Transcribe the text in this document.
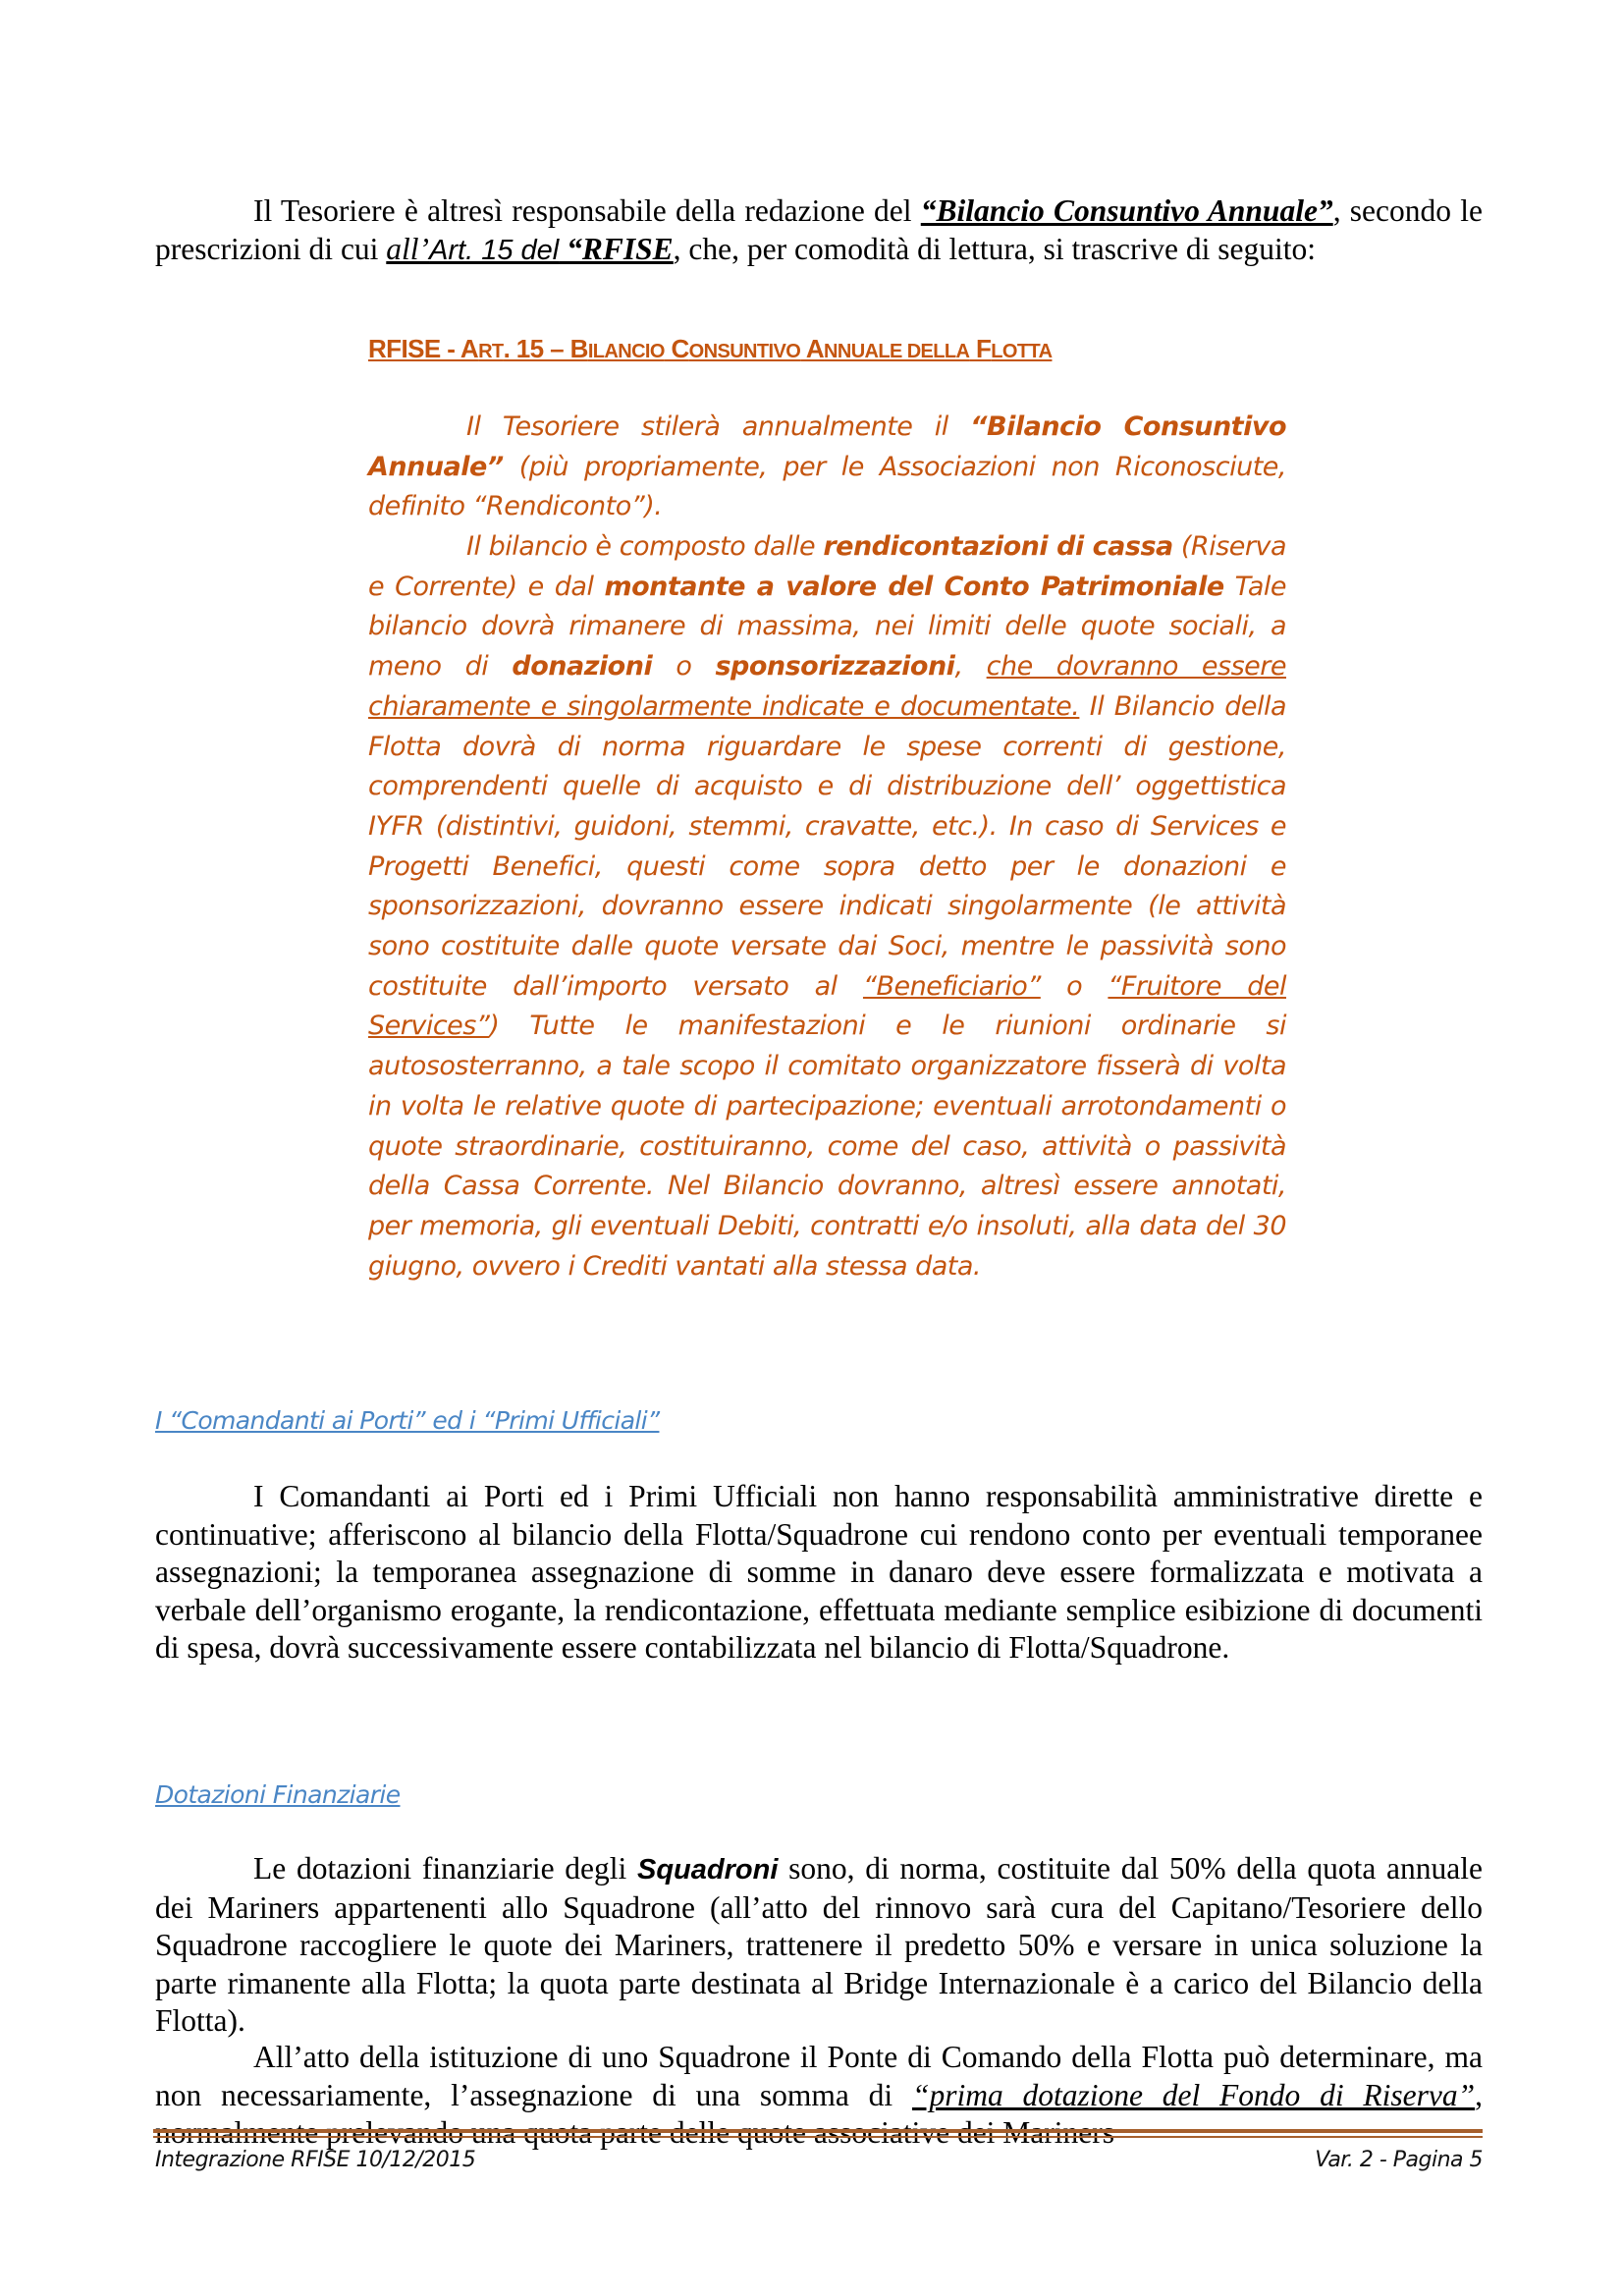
Il Tesoriere è altresì responsabile della redazione del “Bilancio Consuntivo Annuale”, secondo le prescrizioni di cui all’Art. 15 del “RFISE, che, per comodità di lettura, si trascrive di seguito:

RFISE - ART. 15 – BILANCIO CONSUNTIVO ANNUALE DELLA FLOTTA

Il Tesoriere stilerà annualmente il “Bilancio Consuntivo Annuale” (più propriamente, per le Associazioni non Riconosciute, definito “Rendiconto”).

Il bilancio è composto dalle rendicontazioni di cassa (Riserva e Corrente) e dal montante a valore del Conto Patrimoniale Tale bilancio dovrà rimanere di massima, nei limiti delle quote sociali, a meno di donazioni o sponsorizzazioni, che dovranno essere chiaramente e singolarmente indicate e documentate. Il Bilancio della Flotta dovrà di norma riguardare le spese correnti di gestione, comprendenti quelle di acquisto e di distribuzione dell’ oggettistica IYFR (distintivi, guidoni, stemmi, cravatte, etc.). In caso di Services e Progetti Benefici, questi come sopra detto per le donazioni e sponsorizzazioni, dovranno essere indicati singolarmente (le attività sono costituite dalle quote versate dai Soci, mentre le passività sono costituite dall’importo versato al “Beneficiario” o “Fruitore del Services”) Tutte le manifestazioni e le riunioni ordinarie si autososterranno, a tale scopo il comitato organizzatore fisserà di volta in volta le relative quote di partecipazione; eventuali arrotondamenti o quote straordinarie, costituiranno, come del caso, attività o passività della Cassa Corrente. Nel Bilancio dovranno, altresì essere annotati, per memoria, gli eventuali Debiti, contratti e/o insoluti, alla data del 30 giugno, ovvero i Crediti vantati alla stessa data.

I “Comandanti ai Porti” ed i “Primi Ufficiali”

I Comandanti ai Porti ed i Primi Ufficiali non hanno responsabilità amministrative dirette e continuative; afferiscono al bilancio della Flotta/Squadrone cui rendono conto per eventuali temporanee assegnazioni; la temporanea assegnazione di somme in danaro deve essere formalizzata e motivata a verbale dell’organismo erogante, la rendicontazione, effettuata mediante semplice esibizione di documenti di spesa, dovrà successivamente essere contabilizzata nel bilancio di Flotta/Squadrone.

Dotazioni Finanziarie

Le dotazioni finanziarie degli Squadroni sono, di norma, costituite dal 50% della quota annuale dei Mariners appartenenti allo Squadrone (all’atto del rinnovo sarà cura del Capitano/Tesoriere dello Squadrone raccogliere le quote dei Mariners, trattenere il predetto 50% e versare in unica soluzione la parte rimanente alla Flotta; la quota parte destinata al Bridge Internazionale è a carico del Bilancio della Flotta).

All’atto della istituzione di uno Squadrone il Ponte di Comando della Flotta può determinare, ma non necessariamente, l’assegnazione di una somma di “prima dotazione del Fondo di Riserva”,

Integrazione RFISE 10/12/2015	Var. 2 - Pagina 5
